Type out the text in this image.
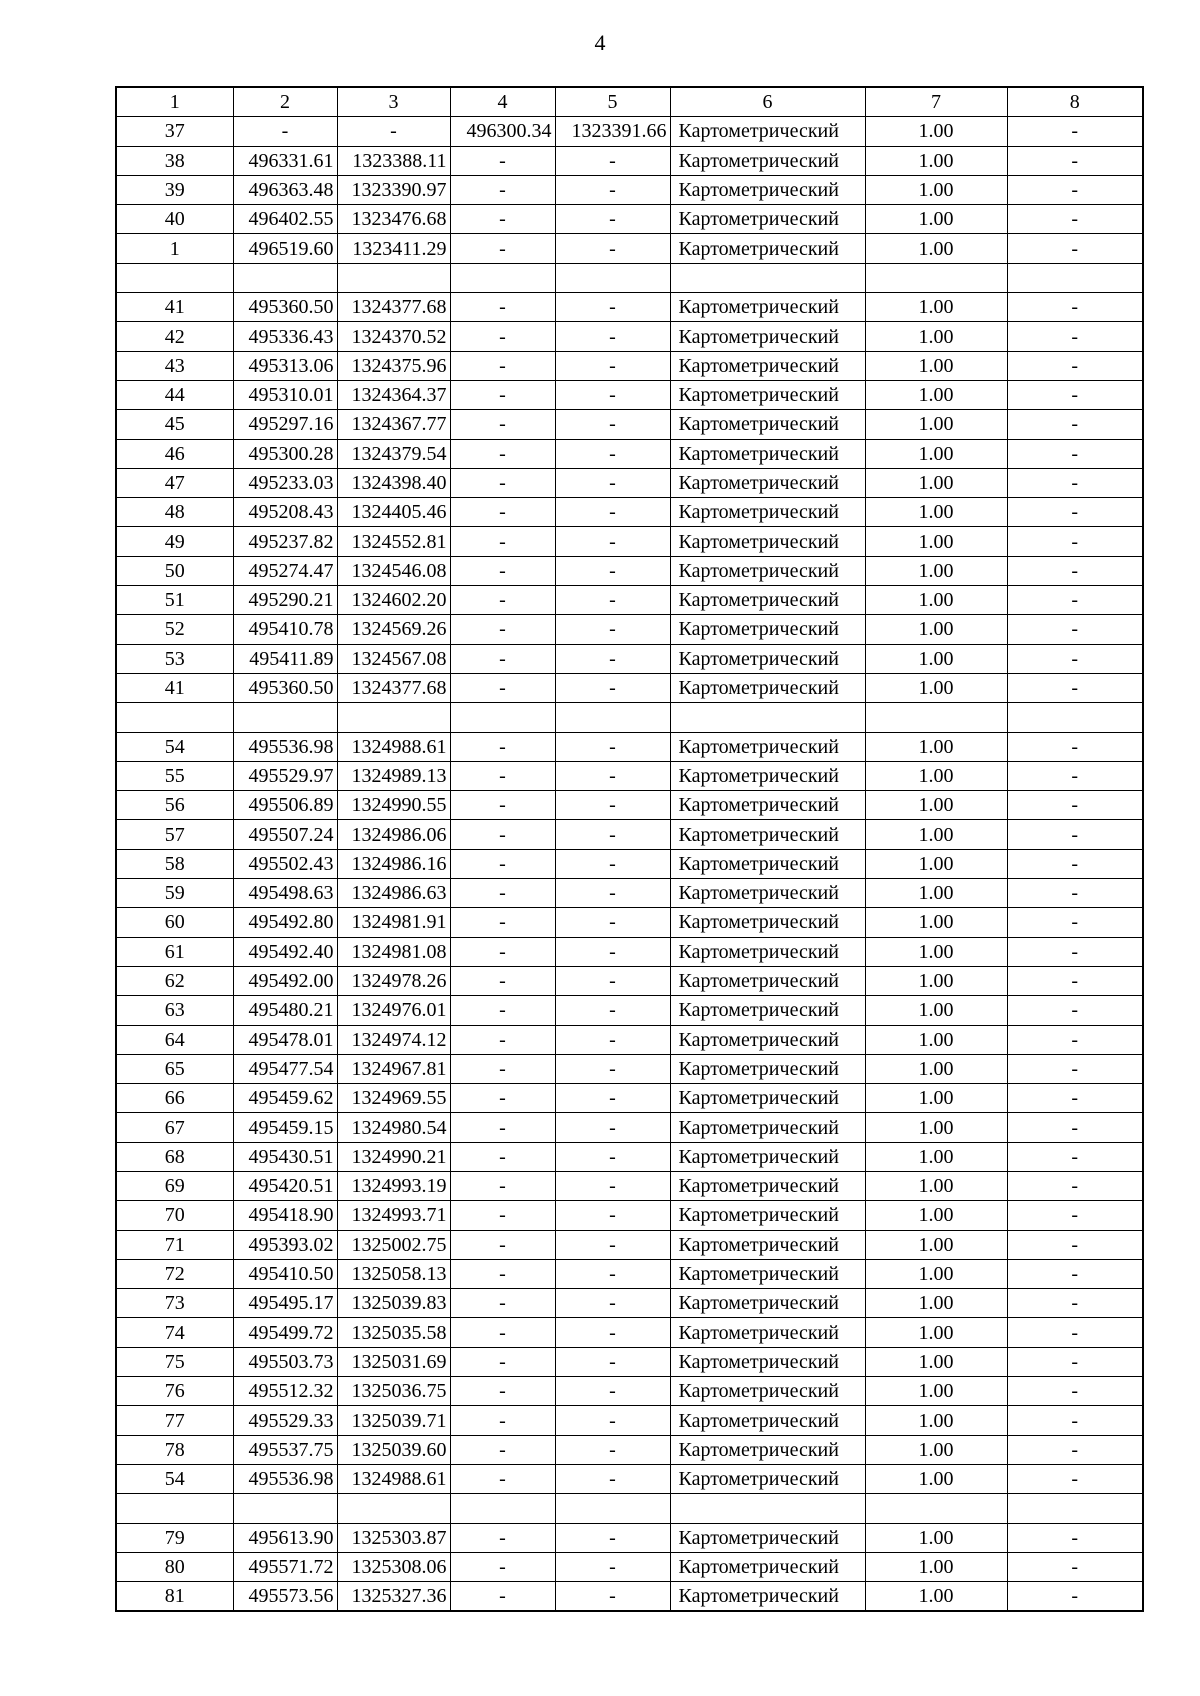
4
1	2	3	4	5	6	7	8
37	-	-	496300.34	1323391.66	Картометрический	1.00	-
38	496331.61	1323388.11	-	-	Картометрический	1.00	-
39	496363.48	1323390.97	-	-	Картометрический	1.00	-
40	496402.55	1323476.68	-	-	Картометрический	1.00	-
1	496519.60	1323411.29	-	-	Картометрический	1.00	-

41	495360.50	1324377.68	-	-	Картометрический	1.00	-
42	495336.43	1324370.52	-	-	Картометрический	1.00	-
43	495313.06	1324375.96	-	-	Картометрический	1.00	-
44	495310.01	1324364.37	-	-	Картометрический	1.00	-
45	495297.16	1324367.77	-	-	Картометрический	1.00	-
46	495300.28	1324379.54	-	-	Картометрический	1.00	-
47	495233.03	1324398.40	-	-	Картометрический	1.00	-
48	495208.43	1324405.46	-	-	Картометрический	1.00	-
49	495237.82	1324552.81	-	-	Картометрический	1.00	-
50	495274.47	1324546.08	-	-	Картометрический	1.00	-
51	495290.21	1324602.20	-	-	Картометрический	1.00	-
52	495410.78	1324569.26	-	-	Картометрический	1.00	-
53	495411.89	1324567.08	-	-	Картометрический	1.00	-
41	495360.50	1324377.68	-	-	Картометрический	1.00	-

54	495536.98	1324988.61	-	-	Картометрический	1.00	-
55	495529.97	1324989.13	-	-	Картометрический	1.00	-
56	495506.89	1324990.55	-	-	Картометрический	1.00	-
57	495507.24	1324986.06	-	-	Картометрический	1.00	-
58	495502.43	1324986.16	-	-	Картометрический	1.00	-
59	495498.63	1324986.63	-	-	Картометрический	1.00	-
60	495492.80	1324981.91	-	-	Картометрический	1.00	-
61	495492.40	1324981.08	-	-	Картометрический	1.00	-
62	495492.00	1324978.26	-	-	Картометрический	1.00	-
63	495480.21	1324976.01	-	-	Картометрический	1.00	-
64	495478.01	1324974.12	-	-	Картометрический	1.00	-
65	495477.54	1324967.81	-	-	Картометрический	1.00	-
66	495459.62	1324969.55	-	-	Картометрический	1.00	-
67	495459.15	1324980.54	-	-	Картометрический	1.00	-
68	495430.51	1324990.21	-	-	Картометрический	1.00	-
69	495420.51	1324993.19	-	-	Картометрический	1.00	-
70	495418.90	1324993.71	-	-	Картометрический	1.00	-
71	495393.02	1325002.75	-	-	Картометрический	1.00	-
72	495410.50	1325058.13	-	-	Картометрический	1.00	-
73	495495.17	1325039.83	-	-	Картометрический	1.00	-
74	495499.72	1325035.58	-	-	Картометрический	1.00	-
75	495503.73	1325031.69	-	-	Картометрический	1.00	-
76	495512.32	1325036.75	-	-	Картометрический	1.00	-
77	495529.33	1325039.71	-	-	Картометрический	1.00	-
78	495537.75	1325039.60	-	-	Картометрический	1.00	-
54	495536.98	1324988.61	-	-	Картометрический	1.00	-

79	495613.90	1325303.87	-	-	Картометрический	1.00	-
80	495571.72	1325308.06	-	-	Картометрический	1.00	-
81	495573.56	1325327.36	-	-	Картометрический	1.00	-
